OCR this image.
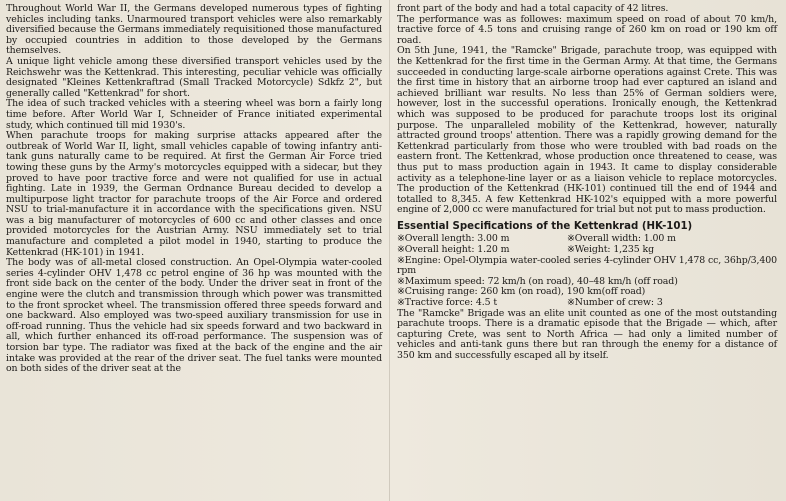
Throughout World War II, the Germans developed numerous types of fighting vehicles including tanks. Unarmoured transport vehicles were also remarkably diversified because the Germans immediately requisitioned those manufactured by occupied countries in addition to those developed by the Germans themselves.

A unique light vehicle among these diversified transport vehicles used by the Reichswehr was the Kettenkrad. This interesting, peculiar vehicle was officially designated "Kleines Kettenkraftrad (Small Tracked Motorcycle) Sdkfz 2", but generally called "Kettenkrad" for short.

The idea of such tracked vehicles with a steering wheel was born a fairly long time before. After World War I, Schneider of France initiated experimental study, which continued till mid 1930's.

When parachute troops for making surprise attacks appeared after the outbreak of World War II, light, small vehicles capable of towing infantry anti-tank guns naturally came to be required. At first the German Air Force tried towing these guns by the Army's motorcycles equipped with a sidecar, but they proved to have poor tractive force and were not qualified for use in actual fighting. Late in 1939, the German Ordnance Bureau decided to develop a multipurpose light tractor for parachute troops of the Air Force and ordered NSU to trial-manufacture it in accordance with the specifications given. NSU was a big manufacturer of motorcycles of 600 cc and other classes and once provided motorcycles for the Austrian Army. NSU immediately set to trial manufacture and completed a pilot model in 1940, starting to produce the Kettenkrad (HK-101) in 1941.

The body was of all-metal closed construction. An Opel-Olympia water-cooled series 4-cylinder OHV 1,478 cc petrol engine of 36 hp was mounted with the front side back on the center of the body. Under the driver seat in front of the engine were the clutch and transmission through which power was transmitted to the front sprocket wheel. The transmission offered three speeds forward and one backward. Also employed was two-speed auxiliary transmission for use in off-road running. Thus the vehicle had six speeds forward and two backward in all, which further enhanced its off-road performance. The suspension was of torsion bar type. The radiator was fixed at the back of the engine and the air intake was provided at the rear of the driver seat. The fuel tanks were mounted on both sides of the driver seat at the

front part of the body and had a total capacity of 42 litres.

The performance was as followes: maximum speed on road of about 70 km/h, tractive force of 4.5 tons and cruising range of 260 km on road or 190 km off road.

On 5th June, 1941, the "Ramcke" Brigade, parachute troop, was equipped with the Kettenkrad for the first time in the German Army. At that time, the Germans succeeded in conducting large-scale airborne operations against Crete. This was the first time in history that an airborne troop had ever captured an island and achieved brilliant war results. No less than 25% of German soldiers were, however, lost in the successful operations. Ironically enough, the Kettenkrad which was supposed to be produced for parachute troops lost its original purpose. The unparalleled mobility of the Kettenkrad, however, naturally attracted ground troops' attention. There was a rapidly growing demand for the Kettenkrad particularly from those who were troubled with bad roads on the eastern front. The Kettenkrad, whose production once threatened to cease, was thus put to mass production again in 1943. It came to display considerable activity as a telephone-line layer or as a liaison vehicle to replace motorcycles. The production of the Kettenkrad (HK-101) continued till the end of 1944 and totalled to 8,345. A few Kettenkrad HK-102's equipped with a more powerful engine of 2,000 cc were manufactured for trial but not put to mass production.

Essential Specifications of the Kettenkrad (HK-101)
※Overall length: 3.00 m	※Overall width: 1.00 m
※Overall height: 1.20 m	※Weight: 1,235 kg

※Engine: Opel-Olympia water-cooled series 4-cylinder OHV 1,478 cc, 36hp/3,400 rpm

※Maximum speed: 72 km/h (on road), 40–48 km/h (off road)

※Cruising range: 260 km (on road), 190 km(off road)

※Tractive force: 4.5 t	※Number of crew: 3

The "Ramcke" Brigade was an elite unit counted as one of the most outstanding parachute troops. There is a dramatic episode that the Brigade — which, after capturing Crete, was sent to North Africa — had only a limited number of vehicles and anti-tank guns there but ran through the enemy for a distance of 350 km and successfully escaped all by itself.
